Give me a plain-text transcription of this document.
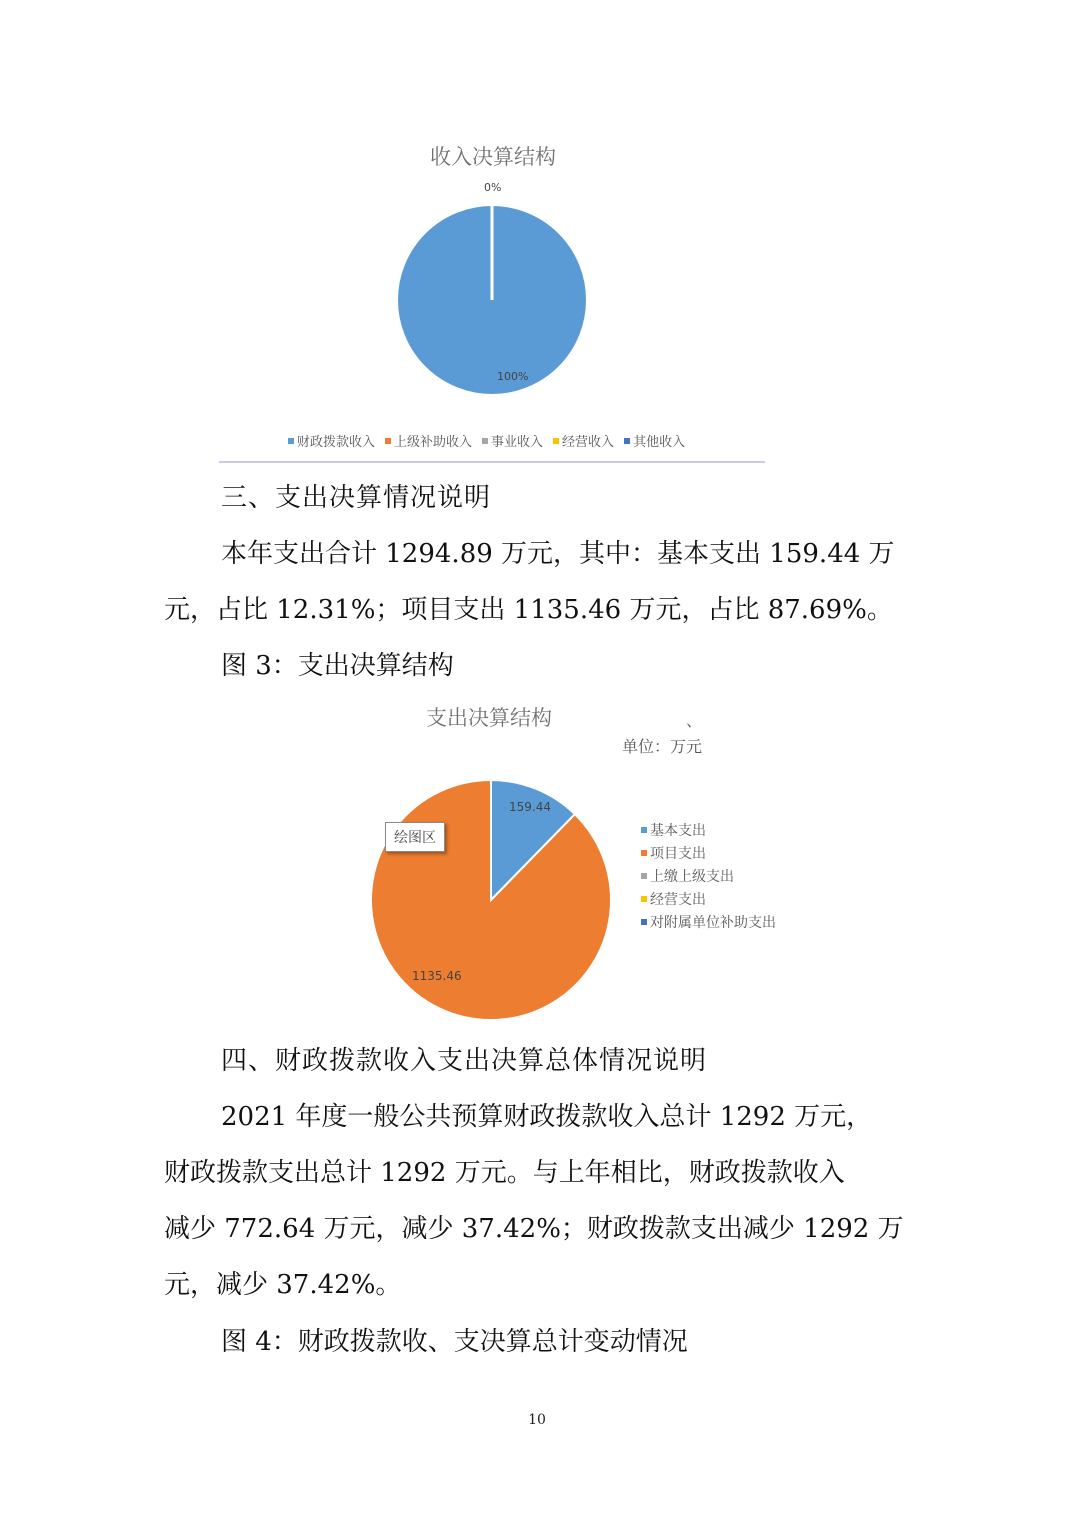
收入决算结构
0%
100%
财政拨款收入 上级补助收入 事业收入 经营收入 其他收入
三、支出决算情况说明
本年支出合计 1294.89 万元，其中：基本支出 159.44 万
元，占比 12.31%；项目支出 1135.46 万元，占比 87.69%。
图 3：支出决算结构
支出决算结构	、
单位：万元
159.44
1135.46
绘图区	基本支出
项目支出
上缴上级支出
经营支出
对附属单位补助支出
四、财政拨款收入支出决算总体情况说明
2021 年度一般公共预算财政拨款收入总计 1292 万元，
财政拨款支出总计 1292 万元。与上年相比，财政拨款收入
减少 772.64 万元，减少 37.42%；财政拨款支出减少 1292 万
元，减少 37.42%。
图 4：财政拨款收、支决算总计变动情况
10
